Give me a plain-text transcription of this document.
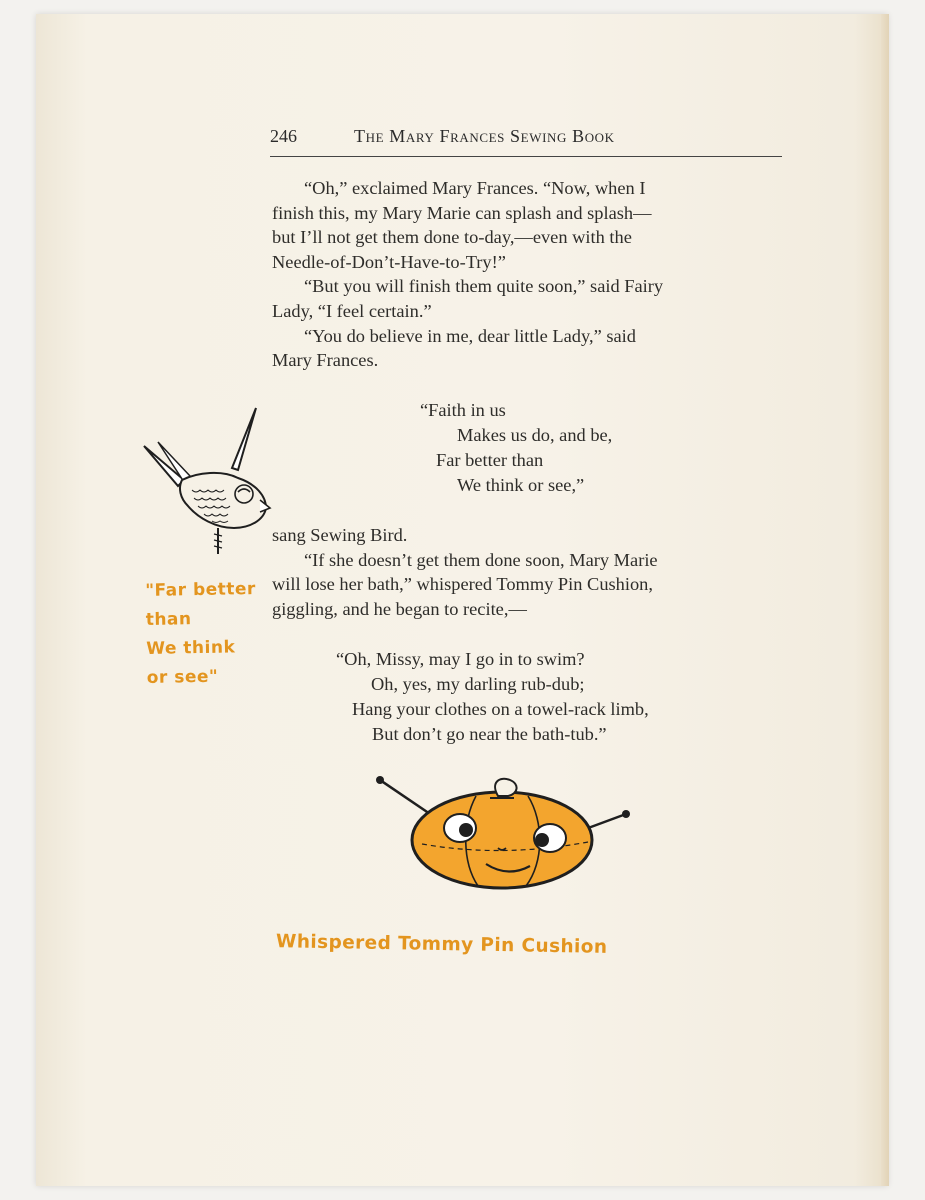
246	The Mary Frances Sewing Book

“Oh,” exclaimed Mary Frances. “Now, when I
finish this, my Mary Marie can splash and splash—
but I’ll not get them done to-day,—even with the
Needle-of-Don’t-Have-to-Try!”

“But you will finish them quite soon,” said Fairy
Lady, “I feel certain.”

“You do believe in me, dear little Lady,” said
Mary Frances.

“Faith in us
Makes us do, and be,
Far better than
We think or see,”

sang Sewing Bird.

“If she doesn’t get them done soon, Mary Marie
will lose her bath,” whispered Tommy Pin Cushion,
giggling, and he began to recite,—

“Oh, Missy, may I go in to swim?
Oh, yes, my darling rub-dub;
Hang your clothes on a towel-rack limb,
But don’t go near the bath-tub.”
"Far better
than
We think
or see"
Whispered Tommy Pin Cushion
